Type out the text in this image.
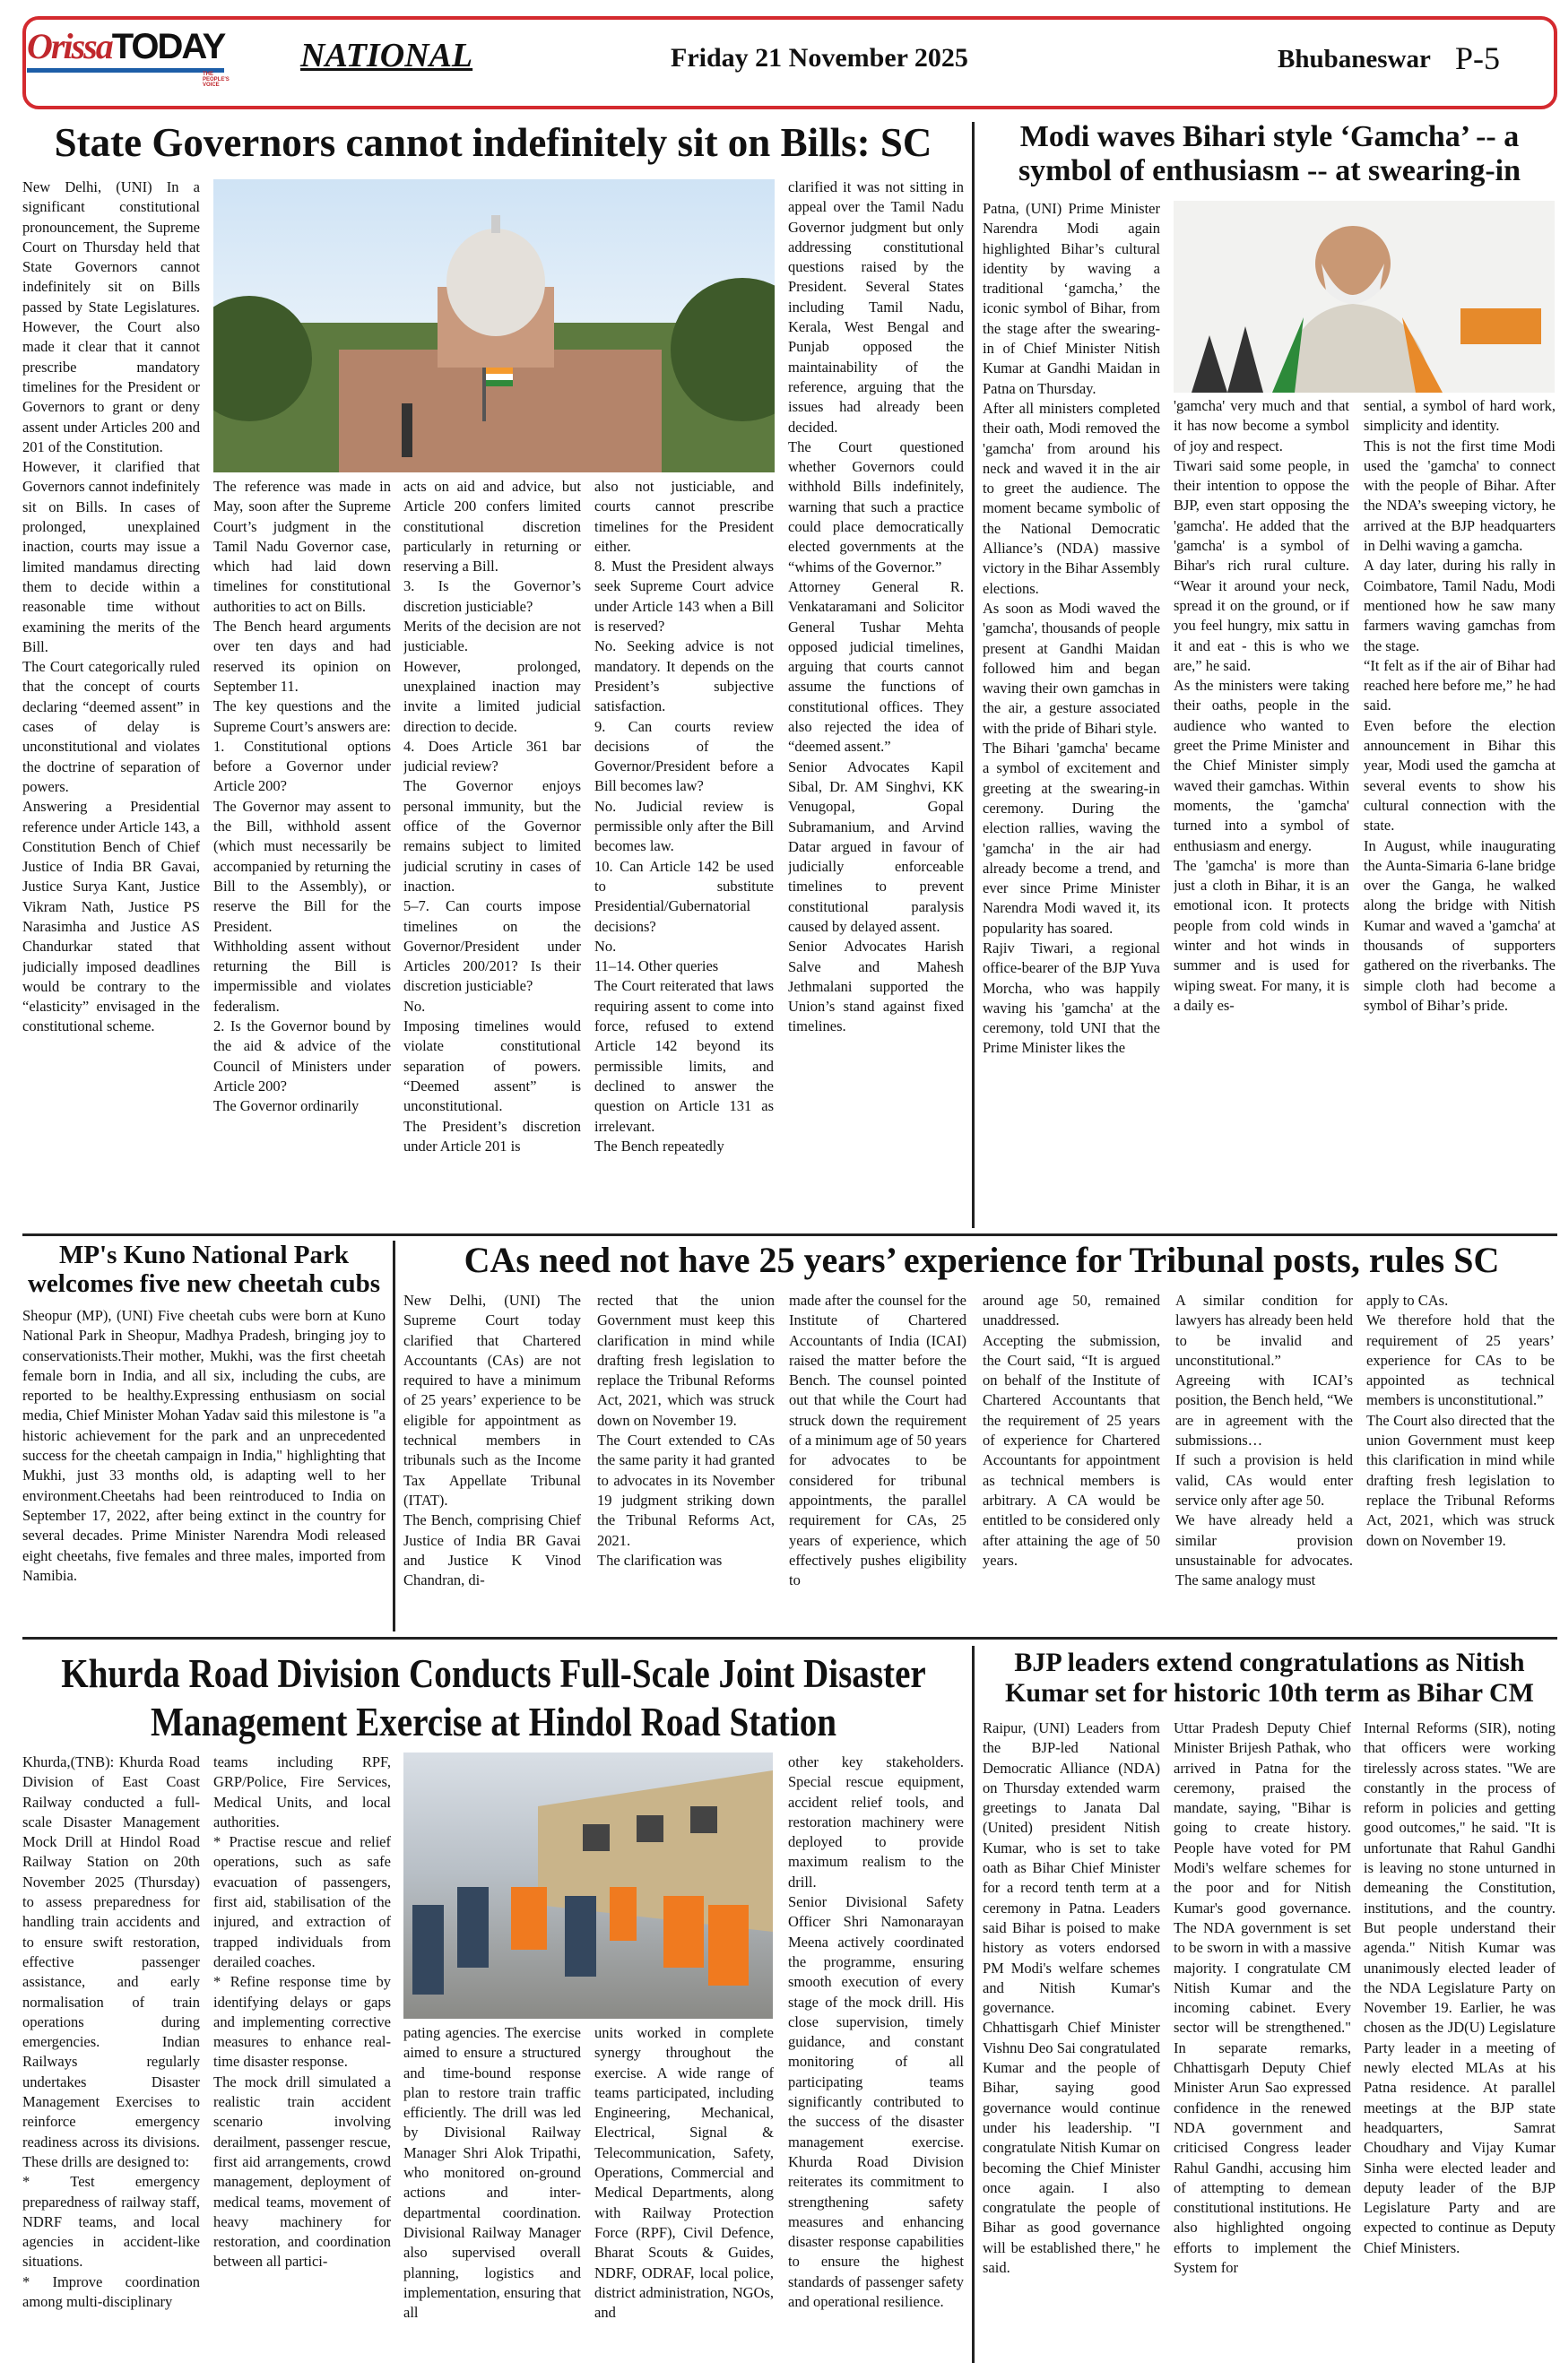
OrissaTODAY
THE PEOPLE'S VOICE
NATIONAL	Friday 21 November 2025	Bhubaneswar P-5
State Governors cannot indefinitely sit on Bills: SC

New Delhi, (UNI) In a significant constitutional pronouncement, the Supreme Court on Thursday held that State Governors cannot indefinitely sit on Bills passed by State Legislatures. However, the Court also made it clear that it cannot prescribe mandatory timelines for the President or Governors to grant or deny assent under Articles 200 and 201 of the Constitution.

However, it clarified that Governors cannot indefinitely sit on Bills. In cases of prolonged, unexplained inaction, courts may issue a limited mandamus directing them to decide within a reasonable time without examining the merits of the Bill.

The Court categorically ruled that the concept of courts declaring “deemed assent” in cases of delay is unconstitutional and violates the doctrine of separation of powers.

Answering a Presidential reference under Article 143, a Constitution Bench of Chief Justice of India BR Gavai, Justice Surya Kant, Justice Vikram Nath, Justice PS Narasimha and Justice AS Chandurkar stated that judicially imposed deadlines would be contrary to the “elasticity” envisaged in the constitutional scheme.

The reference was made in May, soon after the Supreme Court’s judgment in the Tamil Nadu Governor case, which had laid down timelines for constitutional authorities to act on Bills.

The Bench heard arguments over ten days and had reserved its opinion on September 11.

The key questions and the Supreme Court’s answers are: 1. Constitutional options before a Governor under Article 200?

The Governor may assent to the Bill, withhold assent (which must necessarily be accompanied by returning the Bill to the Assembly), or reserve the Bill for the President.

Withholding assent without returning the Bill is impermissible and violates federalism.

2. Is the Governor bound by the aid & advice of the Council of Ministers under Article 200?

The Governor ordinarily

acts on aid and advice, but Article 200 confers limited constitutional discretion particularly in returning or reserving a Bill.

3. Is the Governor’s discretion justiciable?

Merits of the decision are not justiciable.

However, prolonged, unexplained inaction may invite a limited judicial direction to decide.

4. Does Article 361 bar judicial review?

The Governor enjoys personal immunity, but the office of the Governor remains subject to limited judicial scrutiny in cases of inaction.

5–7. Can courts impose timelines on the Governor/President under Articles 200/201? Is their discretion justiciable?

No.

Imposing timelines would violate constitutional separation of powers. “Deemed assent” is unconstitutional.

The President’s discretion under Article 201 is

also not justiciable, and courts cannot prescribe timelines for the President either.

8. Must the President always seek Supreme Court advice under Article 143 when a Bill is reserved?

No. Seeking advice is not mandatory. It depends on the President’s subjective satisfaction.

9. Can courts review decisions of the Governor/President before a Bill becomes law?

No. Judicial review is permissible only after the Bill becomes law.

10. Can Article 142 be used to substitute Presidential/Gubernatorial decisions?

No.

11–14. Other queries

The Court reiterated that laws requiring assent to come into force, refused to extend Article 142 beyond its permissible limits, and declined to answer the question on Article 131 as irrelevant.

The Bench repeatedly

clarified it was not sitting in appeal over the Tamil Nadu Governor judgment but only addressing constitutional questions raised by the President. Several States including Tamil Nadu, Kerala, West Bengal and Punjab opposed the maintainability of the reference, arguing that the issues had already been decided.

The Court questioned whether Governors could withhold Bills indefinitely, warning that such a practice could place democratically elected governments at the “whims of the Governor.”

Attorney General R. Venkataramani and Solicitor General Tushar Mehta opposed judicial timelines, arguing that courts cannot assume the functions of constitutional offices. They also rejected the idea of “deemed assent.”

Senior Advocates Kapil Sibal, Dr. AM Singhvi, KK Venugopal, Gopal Subramanium, and Arvind Datar argued in favour of judicially enforceable timelines to prevent constitutional paralysis caused by delayed assent.

Senior Advocates Harish Salve and Mahesh Jethmalani supported the Union’s stand against fixed timelines.

Modi waves Bihari style ‘Gamcha’ -- a symbol of enthusiasm -- at swearing-in

Patna, (UNI) Prime Minister Narendra Modi again highlighted Bihar’s cultural identity by waving a traditional ‘gamcha,’ the iconic symbol of Bihar, from the stage after the swearing-in of Chief Minister Nitish Kumar at Gandhi Maidan in Patna on Thursday.

After all ministers completed their oath, Modi removed the 'gamcha' from around his neck and waved it in the air to greet the audience. The moment became symbolic of the National Democratic Alliance’s (NDA) massive victory in the Bihar Assembly elections.

As soon as Modi waved the 'gamcha', thousands of people present at Gandhi Maidan followed him and began waving their own gamchas in the air, a gesture associated with the pride of Bihari style.

The Bihari 'gamcha' became a symbol of excitement and greeting at the swearing-in ceremony. During the election rallies, waving the 'gamcha' in the air had already become a trend, and ever since Prime Minister Narendra Modi waved it, its popularity has soared.

Rajiv Tiwari, a regional office-bearer of the BJP Yuva Morcha, who was happily waving his 'gamcha' at the ceremony, told UNI that the Prime Minister likes the

'gamcha' very much and that it has now become a symbol of joy and respect.

Tiwari said some people, in their intention to oppose the BJP, even start opposing the 'gamcha'. He added that the 'gamcha' is a symbol of Bihar's rich rural culture. “Wear it around your neck, spread it on the ground, or if you feel hungry, mix sattu in it and eat - this is who we are,” he said.

As the ministers were taking their oaths, people in the audience who wanted to greet the Prime Minister and the Chief Minister simply waved their gamchas. Within moments, the 'gamcha' turned into a symbol of enthusiasm and energy.

The 'gamcha' is more than just a cloth in Bihar, it is an emotional icon. It protects people from cold winds in winter and hot winds in summer and is used for wiping sweat. For many, it is a daily es-

sential, a symbol of hard work, simplicity and identity.

This is not the first time Modi used the 'gamcha' to connect with the people of Bihar. After the NDA’s sweeping victory, he arrived at the BJP headquarters in Delhi waving a gamcha.

A day later, during his rally in Coimbatore, Tamil Nadu, Modi mentioned how he saw many farmers waving gamchas from the stage.

“It felt as if the air of Bihar had reached here before me,” he had said.

Even before the election announcement in Bihar this year, Modi used the gamcha at several events to show his cultural connection with the state.

In August, while inaugurating the Aunta-Simaria 6-lane bridge over the Ganga, he walked along the bridge with Nitish Kumar and waved a 'gamcha' at thousands of supporters gathered on the riverbanks. The simple cloth had become a symbol of Bihar’s pride.

MP's Kuno National Park welcomes five new cheetah cubs

Sheopur (MP), (UNI) Five cheetah cubs were born at Kuno National Park in Sheopur, Madhya Pradesh, bringing joy to conservationists.Their mother, Mukhi, was the first cheetah female born in India, and all six, including the cubs, are reported to be healthy.Expressing enthusiasm on social media, Chief Minister Mohan Yadav said this milestone is "a historic achievement for the park and an unprecedented success for the cheetah campaign in India," highlighting that Mukhi, just 33 months old, is adapting well to her environment.Cheetahs had been reintroduced to India on September 17, 2022, after being extinct in the country for several decades. Prime Minister Narendra Modi released eight cheetahs, five females and three males, imported from Namibia.

CAs need not have 25 years’ experience for Tribunal posts, rules SC

New Delhi, (UNI) The Supreme Court today clarified that Chartered Accountants (CAs) are not required to have a minimum of 25 years’ experience to be eligible for appointment as technical members in tribunals such as the Income Tax Appellate Tribunal (ITAT).

The Bench, comprising Chief Justice of India BR Gavai and Justice K Vinod Chandran, di-

rected that the union Government must keep this clarification in mind while drafting fresh legislation to replace the Tribunal Reforms Act, 2021, which was struck down on November 19.

The Court extended to CAs the same parity it had granted to advocates in its November 19 judgment striking down the Tribunal Reforms Act, 2021.

The clarification was

made after the counsel for the Institute of Chartered Accountants of India (ICAI) raised the matter before the Bench. The counsel pointed out that while the Court had struck down the requirement of a minimum age of 50 years for advocates to be considered for tribunal appointments, the parallel requirement for CAs, 25 years of experience, which effectively pushes eligibility to

around age 50, remained unaddressed.

Accepting the submission, the Court said, “It is argued on behalf of the Institute of Chartered Accountants that the requirement of 25 years of experience for Chartered Accountants for appointment as technical members is arbitrary. A CA would be entitled to be considered only after attaining the age of 50 years.

A similar condition for lawyers has already been held to be invalid and unconstitutional.”

Agreeing with ICAI’s position, the Bench held, “We are in agreement with the submissions…

If such a provision is held valid, CAs would enter service only after age 50.

We have already held a similar provision unsustainable for advocates. The same analogy must

apply to CAs.

We therefore hold that the requirement of 25 years’ experience for CAs to be appointed as technical members is unconstitutional.”

The Court also directed that the union Government must keep this clarification in mind while drafting fresh legislation to replace the Tribunal Reforms Act, 2021, which was struck down on November 19.

Khurda Road Division Conducts Full-Scale Joint Disaster Management Exercise at Hindol Road Station

Khurda,(TNB): Khurda Road Division of East Coast Railway conducted a full-scale Disaster Management Mock Drill at Hindol Road Railway Station on 20th November 2025 (Thursday) to assess preparedness for handling train accidents and to ensure swift restoration, effective passenger assistance, and early normalisation of train operations during emergencies. Indian Railways regularly undertakes Disaster Management Exercises to reinforce emergency readiness across its divisions. These drills are designed to:

* Test emergency preparedness of railway staff, NDRF teams, and local agencies in accident-like situations.

* Improve coordination among multi-disciplinary

teams including RPF, GRP/Police, Fire Services, Medical Units, and local authorities.

* Practise rescue and relief operations, such as safe evacuation of passengers, first aid, stabilisation of the injured, and extraction of trapped individuals from derailed coaches.

* Refine response time by identifying delays or gaps and implementing corrective measures to enhance real-time disaster response.

The mock drill simulated a realistic train accident scenario involving derailment, passenger rescue, first aid arrangements, crowd management, deployment of medical teams, movement of heavy machinery for restoration, and coordination between all partici-

pating agencies. The exercise aimed to ensure a structured and time-bound response plan to restore train traffic efficiently. The drill was led by Divisional Railway Manager Shri Alok Tripathi, who monitored on-ground actions and inter-departmental coordination. Divisional Railway Manager also supervised overall planning, logistics and implementation, ensuring that all

units worked in complete synergy throughout the exercise. A wide range of teams participated, including Engineering, Mechanical, Electrical, Signal & Telecommunication, Safety, Operations, Commercial and Medical Departments, along with Railway Protection Force (RPF), Civil Defence, Bharat Scouts & Guides, NDRF, ODRAF, local police, district administration, NGOs, and

other key stakeholders. Special rescue equipment, accident relief tools, and restoration machinery were deployed to provide maximum realism to the drill.

Senior Divisional Safety Officer Shri Namonarayan Meena actively coordinated the programme, ensuring smooth execution of every stage of the mock drill. His close supervision, timely guidance, and constant monitoring of all participating teams significantly contributed to the success of the disaster management exercise. Khurda Road Division reiterates its commitment to strengthening safety measures and enhancing disaster response capabilities to ensure the highest standards of passenger safety and operational resilience.

BJP leaders extend congratulations as Nitish Kumar set for historic 10th term as Bihar CM

Raipur, (UNI) Leaders from the BJP-led National Democratic Alliance (NDA) on Thursday extended warm greetings to Janata Dal (United) president Nitish Kumar, who is set to take oath as Bihar Chief Minister for a record tenth term at a ceremony in Patna. Leaders said Bihar is poised to make history as voters endorsed PM Modi's welfare schemes and Nitish Kumar's governance.

Chhattisgarh Chief Minister Vishnu Deo Sai congratulated Kumar and the people of Bihar, saying good governance would continue under his leadership. "I congratulate Nitish Kumar on becoming the Chief Minister once again. I also congratulate the people of Bihar as good governance will be established there," he said.

Uttar Pradesh Deputy Chief Minister Brijesh Pathak, who arrived in Patna for the ceremony, praised the mandate, saying, "Bihar is going to create history. People have voted for PM Modi's welfare schemes for the poor and for Nitish Kumar's good governance. The NDA government is set to be sworn in with a massive majority. I congratulate CM Nitish Kumar and the incoming cabinet. Every sector will be strengthened." In separate remarks, Chhattisgarh Deputy Chief Minister Arun Sao expressed confidence in the renewed NDA government and criticised Congress leader Rahul Gandhi, accusing him of attempting to demean constitutional institutions. He also highlighted ongoing efforts to implement the System for

Internal Reforms (SIR), noting that officers were working tirelessly across states. "We are constantly in the process of reform in policies and getting good outcomes," he said. "It is unfortunate that Rahul Gandhi is leaving no stone unturned in demeaning the Constitution, institutions, and the country. But people understand their agenda." Nitish Kumar was unanimously elected leader of the NDA Legislature Party on November 19. Earlier, he was chosen as the JD(U) Legislature Party leader in a meeting of newly elected MLAs at his Patna residence. At parallel meetings at the BJP state headquarters, Samrat Choudhary and Vijay Kumar Sinha were elected leader and deputy leader of the BJP Legislature Party and are expected to continue as Deputy Chief Ministers.
